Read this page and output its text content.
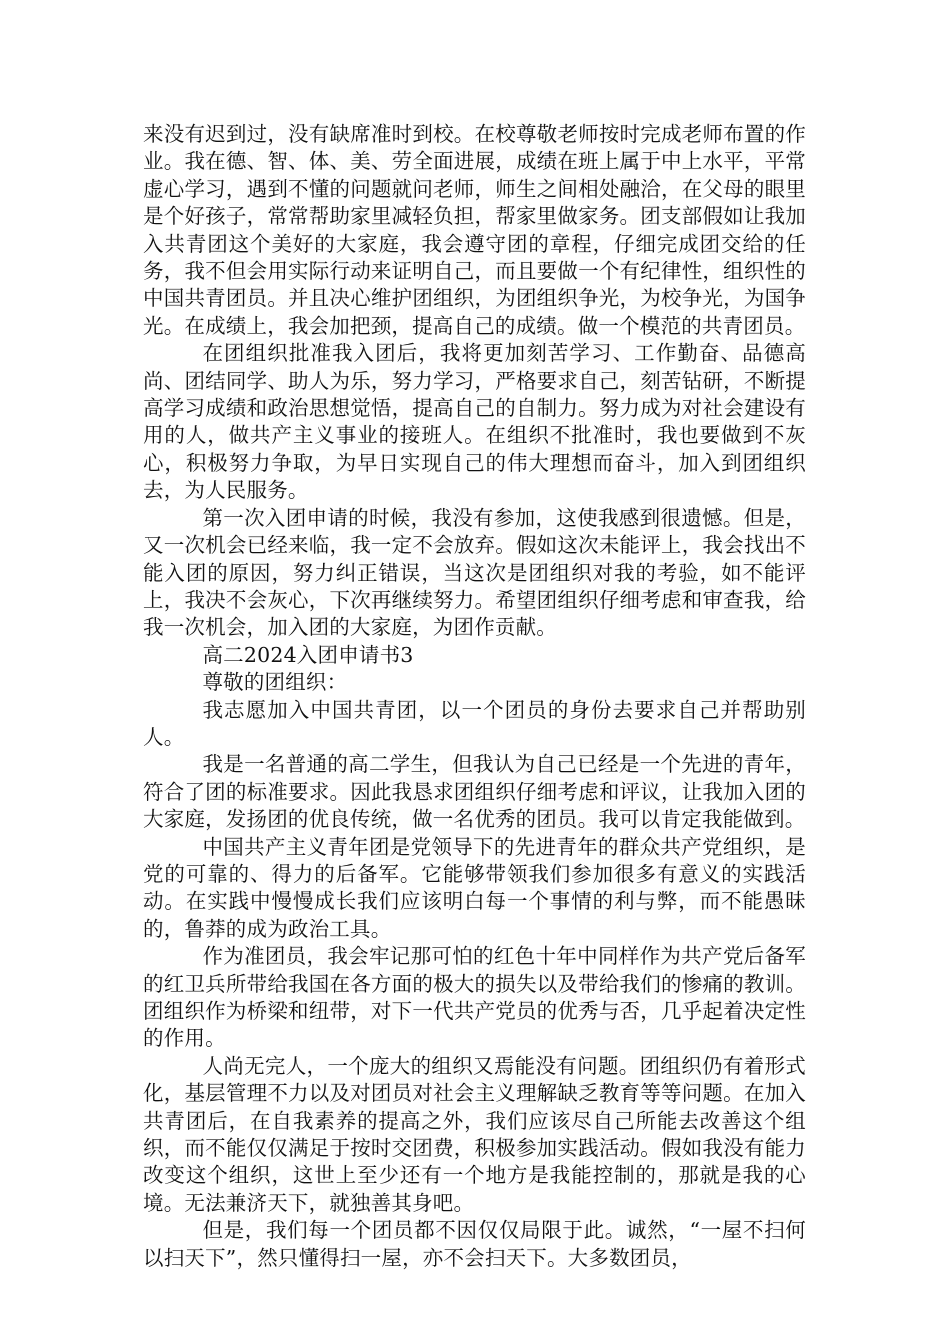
来没有迟到过，没有缺席准时到校。在校尊敬老师按时完成老师布置的作业。我在德、智、体、美、劳全面进展，成绩在班上属于中上水平，平常虚心学习，遇到不懂的问题就问老师，师生之间相处融洽，在父母的眼里是个好孩子，常常帮助家里减轻负担，帮家里做家务。团支部假如让我加入共青团这个美好的大家庭，我会遵守团的章程，仔细完成团交给的任务，我不但会用实际行动来证明自己，而且要做一个有纪律性，组织性的中国共青团员。并且决心维护团组织，为团组织争光，为校争光，为国争光。在成绩上，我会加把颈，提高自己的成绩。做一个模范的共青团员。

在团组织批准我入团后，我将更加刻苦学习、工作勤奋、品德高尚、团结同学、助人为乐，努力学习，严格要求自己，刻苦钻研，不断提高学习成绩和政治思想觉悟，提高自己的自制力。努力成为对社会建设有用的人，做共产主义事业的接班人。在组织不批准时，我也要做到不灰心，积极努力争取，为早日实现自己的伟大理想而奋斗，加入到团组织去，为人民服务。

第一次入团申请的时候，我没有参加，这使我感到很遗憾。但是，又一次机会已经来临，我一定不会放弃。假如这次未能评上，我会找出不能入团的原因，努力纠正错误，当这次是团组织对我的考验，如不能评上，我决不会灰心，下次再继续努力。希望团组织仔细考虑和审查我，给我一次机会，加入团的大家庭，为团作贡献。

高二2024入团申请书3

尊敬的团组织：

我志愿加入中国共青团，以一个团员的身份去要求自己并帮助别人。

我是一名普通的高二学生，但我认为自己已经是一个先进的青年，符合了团的标准要求。因此我恳求团组织仔细考虑和评议，让我加入团的大家庭，发扬团的优良传统，做一名优秀的团员。我可以肯定我能做到。

中国共产主义青年团是党领导下的先进青年的群众共产党组织，是党的可靠的、得力的后备军。它能够带领我们参加很多有意义的实践活动。在实践中慢慢成长我们应该明白每一个事情的利与弊，而不能愚昧的，鲁莽的成为政治工具。

作为准团员，我会牢记那可怕的红色十年中同样作为共产党后备军的红卫兵所带给我国在各方面的极大的损失以及带给我们的惨痛的教训。团组织作为桥梁和纽带，对下一代共产党员的优秀与否，几乎起着决定性的作用。

人尚无完人，一个庞大的组织又焉能没有问题。团组织仍有着形式化，基层管理不力以及对团员对社会主义理解缺乏教育等等问题。在加入共青团后，在自我素养的提高之外，我们应该尽自己所能去改善这个组织，而不能仅仅满足于按时交团费，积极参加实践活动。假如我没有能力改变这个组织，这世上至少还有一个地方是我能控制的，那就是我的心境。无法兼济天下，就独善其身吧。

但是，我们每一个团员都不因仅仅局限于此。诚然，“一屋不扫何以扫天下”，然只懂得扫一屋，亦不会扫天下。大多数团员，
